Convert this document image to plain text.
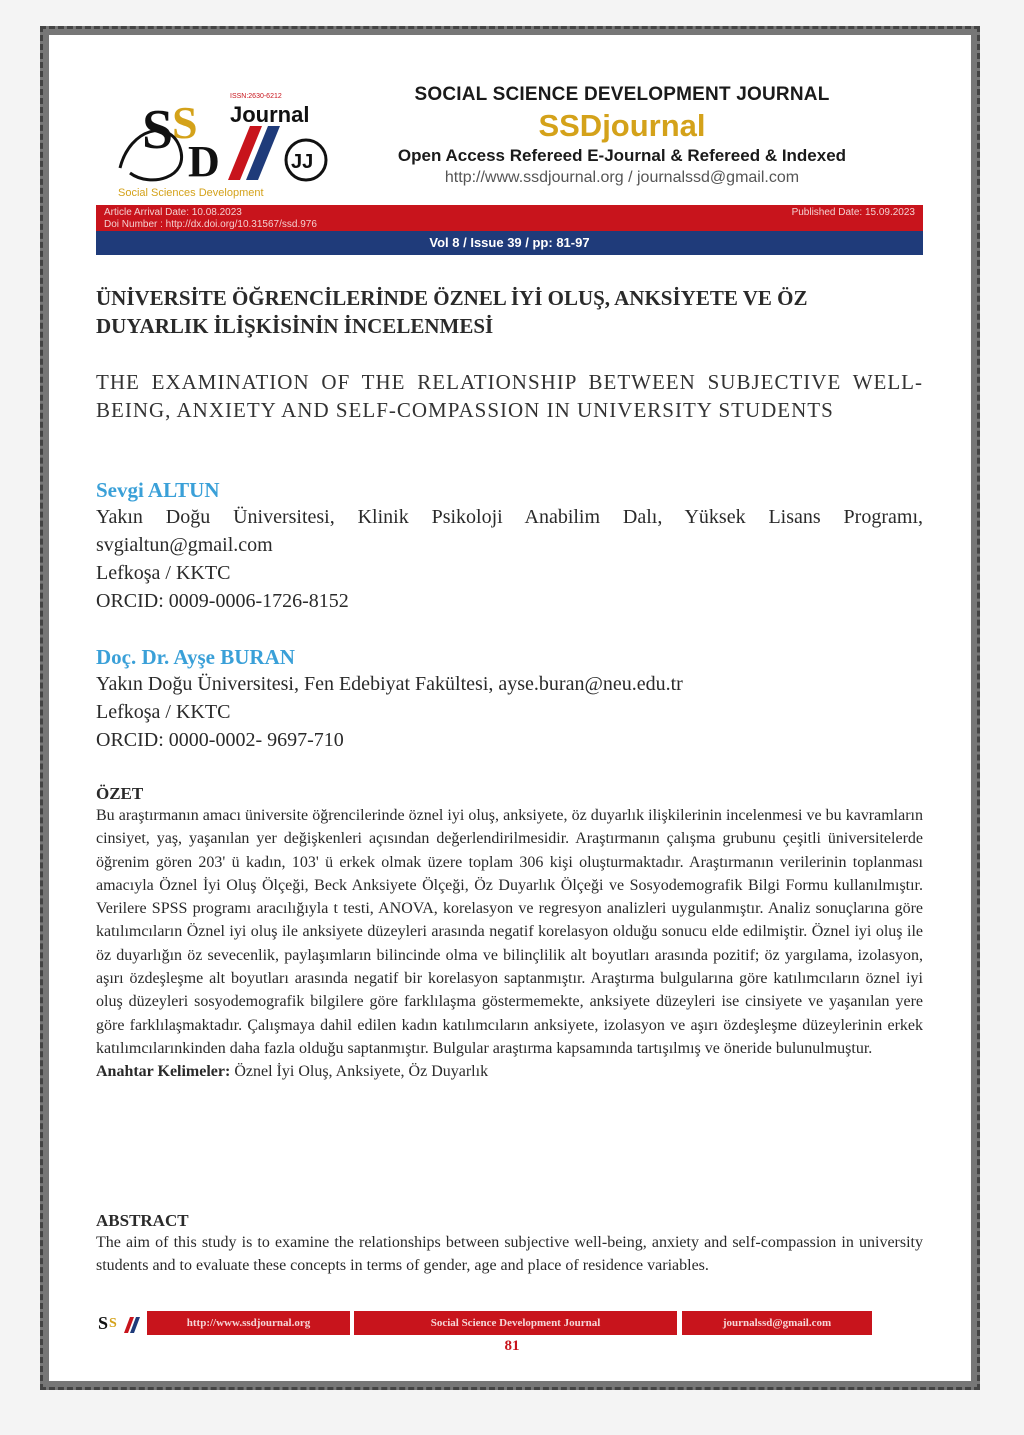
S
S
D	JJ
ISSN:2630-6212
Journal
Social Sciences Development
SOCIAL SCIENCE DEVELOPMENT JOURNAL
SSDjournal
Open Access Refereed E-Journal & Refereed & Indexed
http://www.ssdjournal.org / journalssd@gmail.com
Article Arrival Date: 10.08.2023
Doi Number : http://dx.doi.org/10.31567/ssd.976
Published Date: 15.09.2023
Vol 8 / Issue 39 / pp: 81-97
ÜNİVERSİTE ÖĞRENCİLERİNDE ÖZNEL İYİ OLUŞ, ANKSİYETE VE ÖZ DUYARLIK İLİŞKİSİNİN İNCELENMESİ
THE EXAMINATION OF THE RELATIONSHIP BETWEEN SUBJECTIVE WELL-BEING, ANXIETY AND SELF-COMPASSION IN UNIVERSITY STUDENTS
Sevgi ALTUN
Yakın Doğu Üniversitesi, Klinik Psikoloji Anabilim Dalı, Yüksek Lisans Programı, svgialtun@gmail.com
Lefkoşa / KKTC
ORCID: 0009-0006-1726-8152
Doç. Dr. Ayşe BURAN
Yakın Doğu Üniversitesi, Fen Edebiyat Fakültesi, ayse.buran@neu.edu.tr
Lefkoşa / KKTC
ORCID: 0000-0002- 9697-710
ÖZET
Bu araştırmanın amacı üniversite öğrencilerinde öznel iyi oluş, anksiyete, öz duyarlık ilişkilerinin incelenmesi ve bu kavramların cinsiyet, yaş, yaşanılan yer değişkenleri açısından değerlendirilmesidir. Araştırmanın çalışma grubunu çeşitli üniversitelerde öğrenim gören 203' ü kadın, 103' ü erkek olmak üzere toplam 306 kişi oluşturmaktadır. Araştırmanın verilerinin toplanması amacıyla Öznel İyi Oluş Ölçeği, Beck Anksiyete Ölçeği, Öz Duyarlık Ölçeği ve Sosyodemografik Bilgi Formu kullanılmıştır. Verilere SPSS programı aracılığıyla t testi, ANOVA, korelasyon ve regresyon analizleri uygulanmıştır. Analiz sonuçlarına göre katılımcıların Öznel iyi oluş ile anksiyete düzeyleri arasında negatif korelasyon olduğu sonucu elde edilmiştir. Öznel iyi oluş ile öz duyarlığın öz sevecenlik, paylaşımların bilincinde olma ve bilinçlilik alt boyutları arasında pozitif; öz yargılama, izolasyon, aşırı özdeşleşme alt boyutları arasında negatif bir korelasyon saptanmıştır. Araştırma bulgularına göre katılımcıların öznel iyi oluş düzeyleri sosyodemografik bilgilere göre farklılaşma göstermemekte, anksiyete düzeyleri ise cinsiyete ve yaşanılan yere göre farklılaşmaktadır. Çalışmaya dahil edilen kadın katılımcıların anksiyete, izolasyon ve aşırı özdeşleşme düzeylerinin erkek katılımcılarınkinden daha fazla olduğu saptanmıştır. Bulgular araştırma kapsamında tartışılmış ve öneride bulunulmuştur.
Anahtar Kelimeler: Öznel İyi Oluş, Anksiyete, Öz Duyarlık
ABSTRACT
The aim of this study is to examine the relationships between subjective well-being, anxiety and self-compassion in university students and to evaluate these concepts in terms of gender, age and place of residence variables.
S S	http://www.ssdjournal.org	Social Science Development Journal	journalssd@gmail.com
81
